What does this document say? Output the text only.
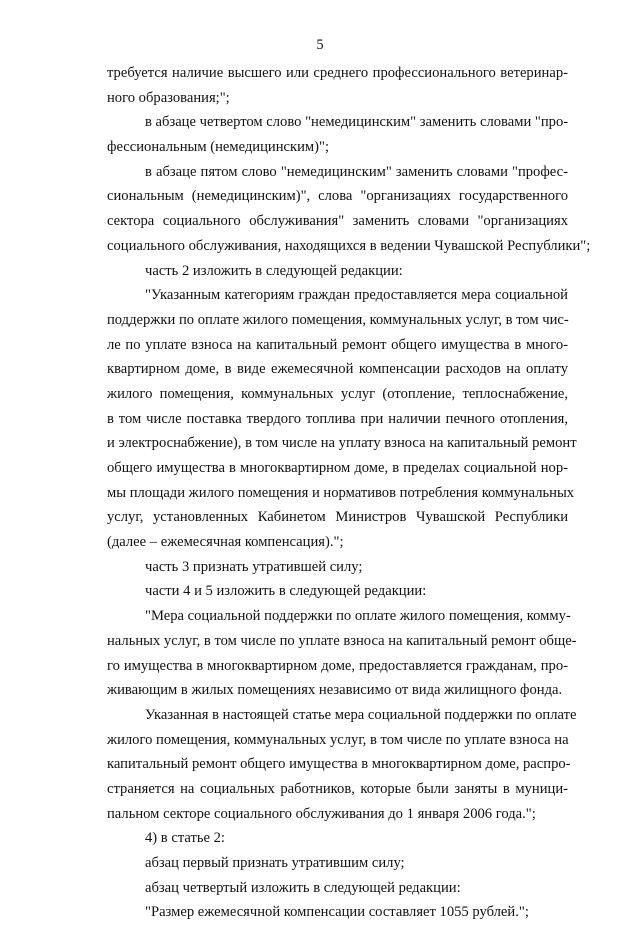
5
требуется наличие высшего или среднего профессионального ветеринар-
ного образования;";
в абзаце четвертом слово "немедицинским" заменить словами "про-
фессиональным (немедицинским)";
в абзаце пятом слово "немедицинским" заменить словами "профес-
сиональным (немедицинским)", слова "организациях государственного
сектора социального обслуживания" заменить словами "организациях
социального обслуживания, находящихся в ведении Чувашской Республики";
часть 2 изложить в следующей редакции:
"Указанным категориям граждан предоставляется мера социальной
поддержки по оплате жилого помещения, коммунальных услуг, в том чис-
ле по уплате взноса на капитальный ремонт общего имущества в много-
квартирном доме, в виде ежемесячной компенсации расходов на оплату
жилого помещения, коммунальных услуг (отопление, теплоснабжение,
в том числе поставка твердого топлива при наличии печного отопления,
и электроснабжение), в том числе на уплату взноса на капитальный ремонт
общего имущества в многоквартирном доме, в пределах социальной нор-
мы площади жилого помещения и нормативов потребления коммунальных
услуг, установленных Кабинетом Министров Чувашской Республики
(далее – ежемесячная компенсация).";
часть 3 признать утратившей силу;
части 4 и 5 изложить в следующей редакции:
"Мера социальной поддержки по оплате жилого помещения, комму-
нальных услуг, в том числе по уплате взноса на капитальный ремонт обще-
го имущества в многоквартирном доме, предоставляется гражданам, про-
живающим в жилых помещениях независимо от вида жилищного фонда.
Указанная в настоящей статье мера социальной поддержки по оплате
жилого помещения, коммунальных услуг, в том числе по уплате взноса на
капитальный ремонт общего имущества в многоквартирном доме, распро-
страняется на социальных работников, которые были заняты в муници-
пальном секторе социального обслуживания до 1 января 2006 года.";
4) в статье 2:
абзац первый признать утратившим силу;
абзац четвертый изложить в следующей редакции:
"Размер ежемесячной компенсации составляет 1055 рублей.";
